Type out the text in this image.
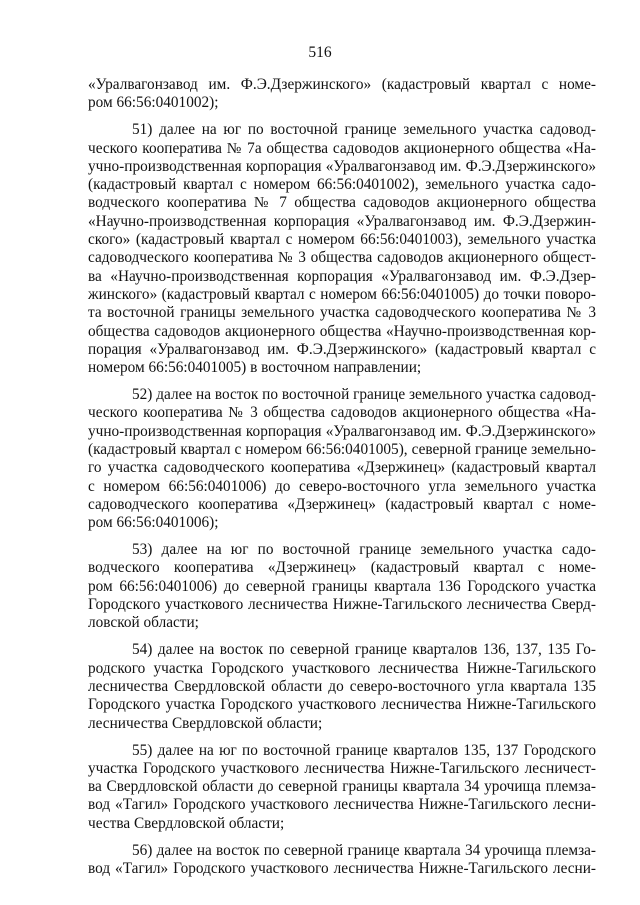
516
«Уралвагонзавод им. Ф.Э.Дзержинского» (кадастровый квартал с номе-
ром 66:56:0401002);
51) далее на юг по восточной границе земельного участка садовод-
ческого кооператива № 7а общества садоводов акционерного общества «На-
учно-производственная корпорация «Уралвагонзавод им. Ф.Э.Дзержинского»
(кадастровый квартал с номером 66:56:0401002), земельного участка садо-
водческого кооператива № 7 общества садоводов акционерного общества
«Научно-производственная корпорация «Уралвагонзавод им. Ф.Э.Дзержин-
ского» (кадастровый квартал с номером 66:56:0401003), земельного участка
садоводческого кооператива № 3 общества садоводов акционерного общест-
ва «Научно-производственная корпорация «Уралвагонзавод им. Ф.Э.Дзер-
жинского» (кадастровый квартал с номером 66:56:0401005) до точки поворо-
та восточной границы земельного участка садоводческого кооператива № 3
общества садоводов акционерного общества «Научно-производственная кор-
порация «Уралвагонзавод им. Ф.Э.Дзержинского» (кадастровый квартал с
номером 66:56:0401005) в восточном направлении;
52) далее на восток по восточной границе земельного участка садовод-
ческого кооператива № 3 общества садоводов акционерного общества «На-
учно-производственная корпорация «Уралвагонзавод им. Ф.Э.Дзержинского»
(кадастровый квартал с номером 66:56:0401005), северной границе земельно-
го участка садоводческого кооператива «Дзержинец» (кадастровый квартал
с номером 66:56:0401006) до северо-восточного угла земельного участка
садоводческого кооператива «Дзержинец» (кадастровый квартал с номе-
ром 66:56:0401006);
53) далее на юг по восточной границе земельного участка садо-
водческого кооператива «Дзержинец» (кадастровый квартал с номе-
ром 66:56:0401006) до северной границы квартала 136 Городского участка
Городского участкового лесничества Нижне-Тагильского лесничества Сверд-
ловской области;
54) далее на восток по северной границе кварталов 136, 137, 135 Го-
родского участка Городского участкового лесничества Нижне-Тагильского
лесничества Свердловской области до северо-восточного угла квартала 135
Городского участка Городского участкового лесничества Нижне-Тагильского
лесничества Свердловской области;
55) далее на юг по восточной границе кварталов 135, 137 Городского
участка Городского участкового лесничества Нижне-Тагильского лесничест-
ва Свердловской области до северной границы квартала 34 урочища племза-
вод «Тагил» Городского участкового лесничества Нижне-Тагильского лесни-
чества Свердловской области;
56) далее на восток по северной границе квартала 34 урочища племза-
вод «Тагил» Городского участкового лесничества Нижне-Тагильского лесни-
